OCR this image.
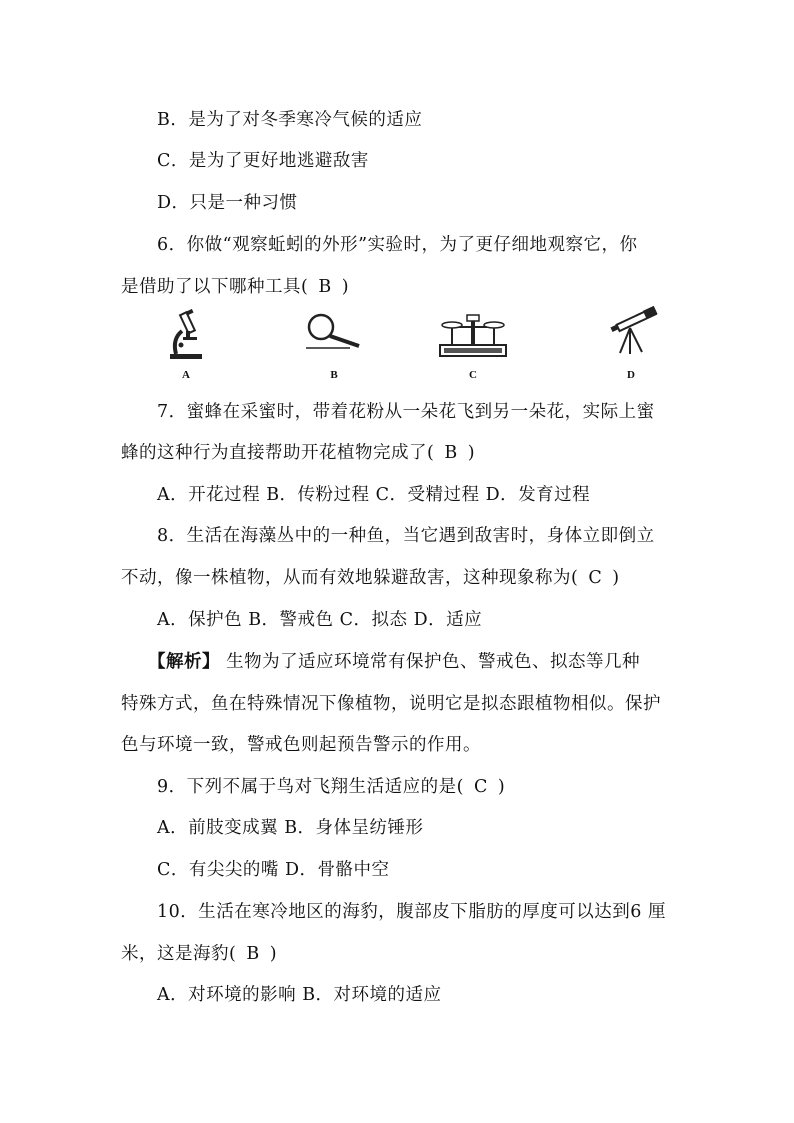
B．是为了对冬季寒冷气候的适应
C．是为了更好地逃避敌害
D．只是一种习惯
6．你做“观察蚯蚓的外形”实验时，为了更仔细地观察它，你
是借助了以下哪种工具( B )
A	B	C	D
7．蜜蜂在采蜜时，带着花粉从一朵花飞到另一朵花，实际上蜜
蜂的这种行为直接帮助开花植物完成了( B )
A．开花过程 B．传粉过程 C．受精过程 D．发育过程
8．生活在海藻丛中的一种鱼，当它遇到敌害时，身体立即倒立
不动，像一株植物，从而有效地躲避敌害，这种现象称为( C )
A．保护色 B．警戒色 C．拟态 D．适应
【解析】 生物为了适应环境常有保护色、警戒色、拟态等几种
特殊方式，鱼在特殊情况下像植物，说明它是拟态跟植物相似。保护
色与环境一致，警戒色则起预告警示的作用。
9．下列不属于鸟对飞翔生活适应的是( C )
A．前肢变成翼 B．身体呈纺锤形
C．有尖尖的嘴 D．骨骼中空
10．生活在寒冷地区的海豹，腹部皮下脂肪的厚度可以达到6 厘
米，这是海豹( B )
A．对环境的影响 B．对环境的适应
